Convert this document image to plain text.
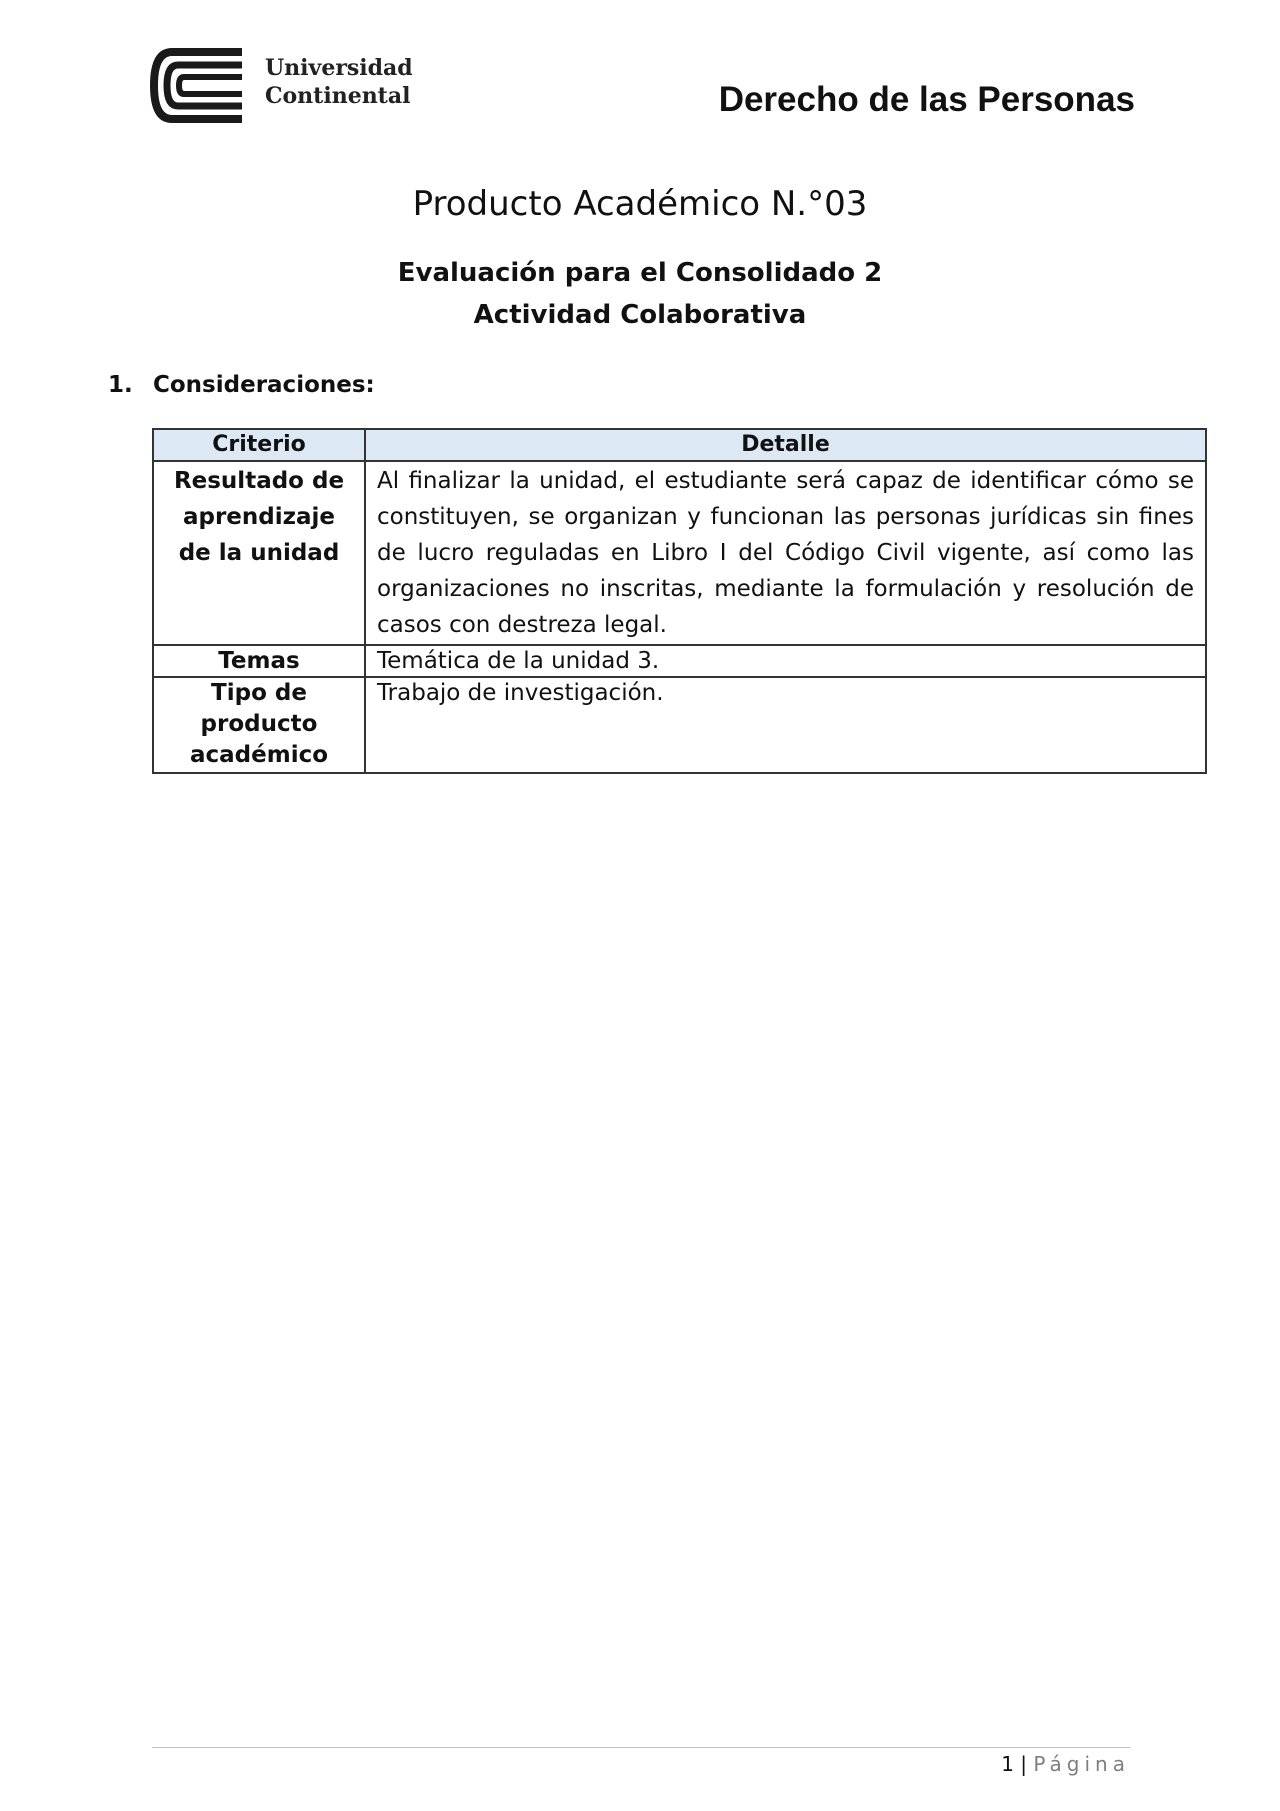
Universidad
Continental	Derecho de las Personas
Producto Académico N.°03
Evaluación para el Consolidado 2
Actividad Colaborativa
1. Consideraciones:
Criterio	Detalle
Resultado de aprendizaje de la unidad	Al finalizar la unidad, el estudiante será capaz de identificar cómo se constituyen, se organizan y funcionan las personas jurídicas sin fines de lucro reguladas en Libro I del Código Civil vigente, así como las organizaciones no inscritas, mediante la formulación y resolución de casos con destreza legal.
Temas	Temática de la unidad 3.
Tipo de producto académico	Trabajo de investigación.
1 | Página
